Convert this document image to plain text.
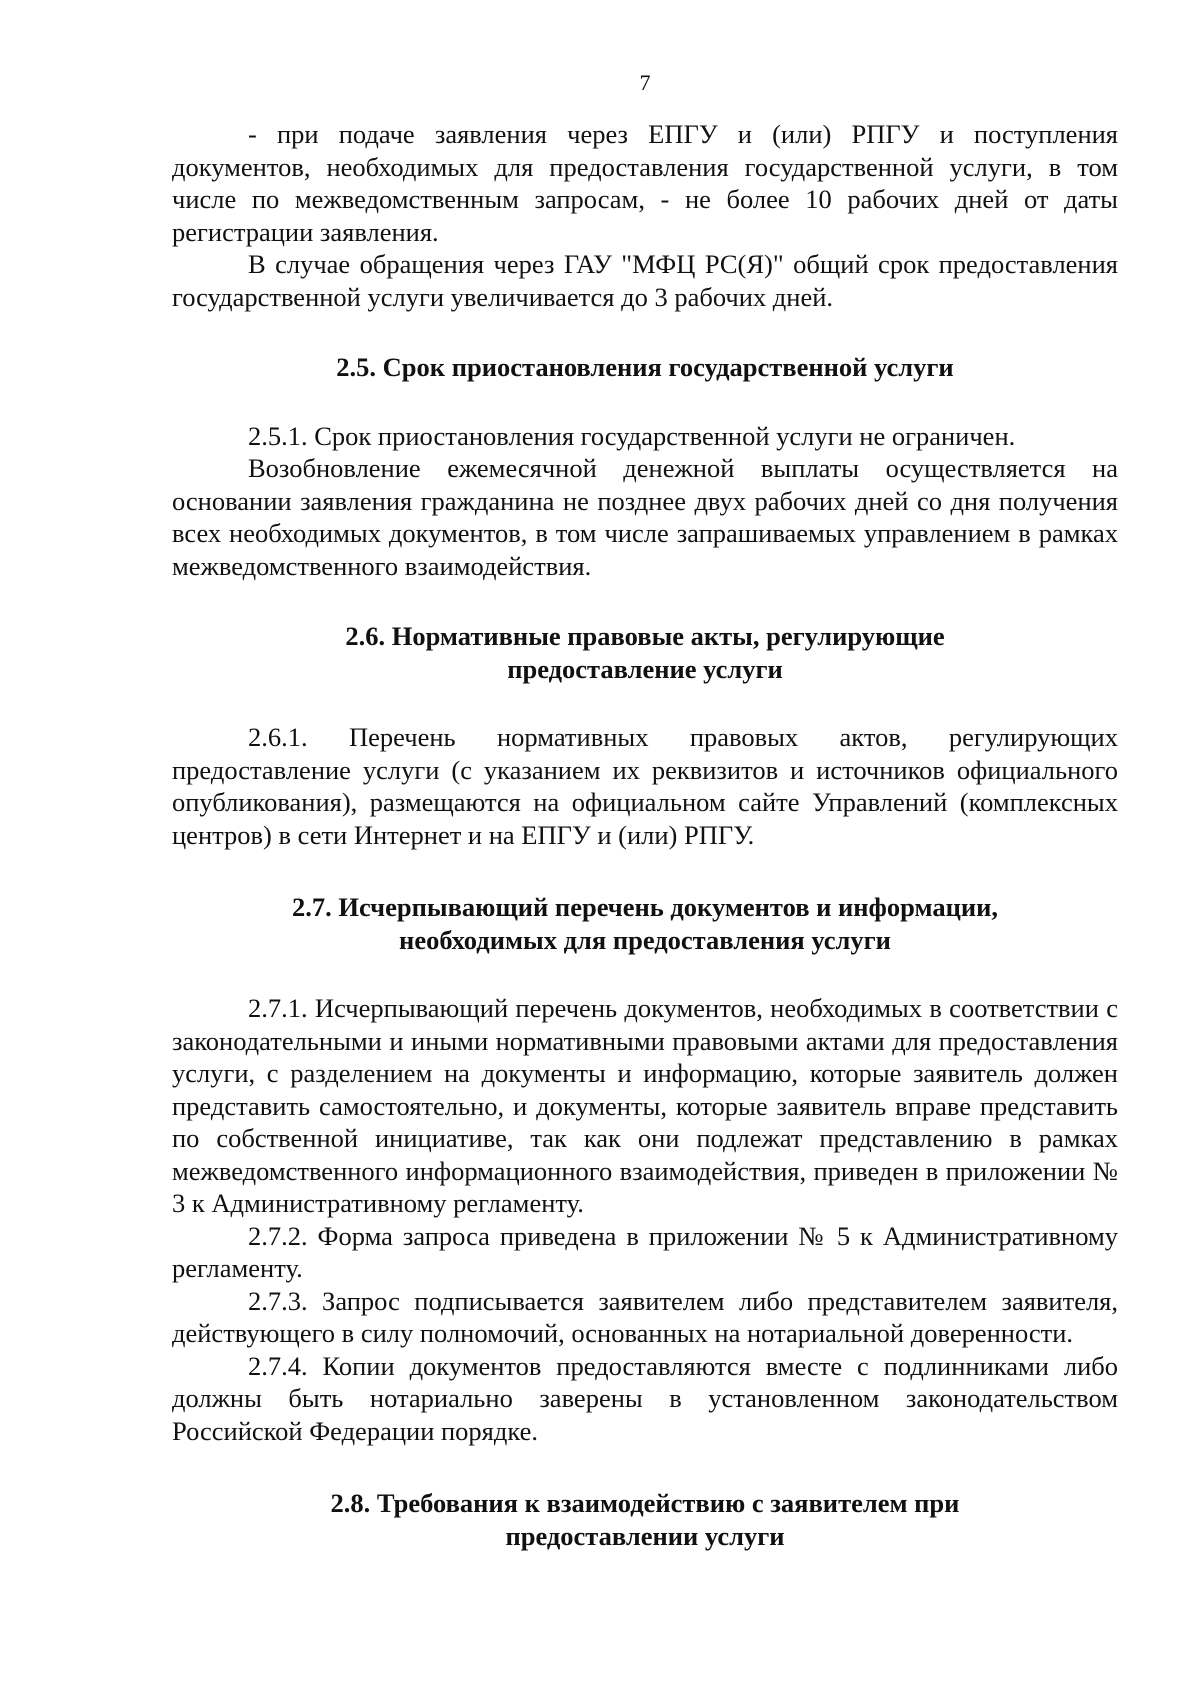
7

- при подаче заявления через ЕПГУ и (или) РПГУ и поступления документов, необходимых для предоставления государственной услуги, в том числе по межведомственным запросам, - не более 10 рабочих дней от даты регистрации заявления.

В случае обращения через ГАУ "МФЦ РС(Я)" общий срок предоставления государственной услуги увеличивается до 3 рабочих дней.

2.5. Срок приостановления государственной услуги

2.5.1. Срок приостановления государственной услуги не ограничен.

Возобновление ежемесячной денежной выплаты осуществляется на основании заявления гражданина не позднее двух рабочих дней со дня получения всех необходимых документов, в том числе запрашиваемых управлением в рамках межведомственного взаимодействия.

2.6. Нормативные правовые акты, регулирующие
предоставление услуги

2.6.1. Перечень нормативных правовых актов, регулирующих предоставление услуги (с указанием их реквизитов и источников официального опубликования), размещаются на официальном сайте Управлений (комплексных центров) в сети Интернет и на ЕПГУ и (или) РПГУ.

2.7. Исчерпывающий перечень документов и информации,
необходимых для предоставления услуги

2.7.1. Исчерпывающий перечень документов, необходимых в соответствии с законодательными и иными нормативными правовыми актами для предоставления услуги, с разделением на документы и информацию, которые заявитель должен представить самостоятельно, и документы, которые заявитель вправе представить по собственной инициативе, так как они подлежат представлению в рамках межведомственного информационного взаимодействия, приведен в приложении № 3 к Административному регламенту.

2.7.2. Форма запроса приведена в приложении № 5 к Административному регламенту.

2.7.3. Запрос подписывается заявителем либо представителем заявителя, действующего в силу полномочий, основанных на нотариальной доверенности.

2.7.4. Копии документов предоставляются вместе с подлинниками либо должны быть нотариально заверены в установленном законодательством Российской Федерации порядке.

2.8. Требования к взаимодействию с заявителем при
предоставлении услуги
